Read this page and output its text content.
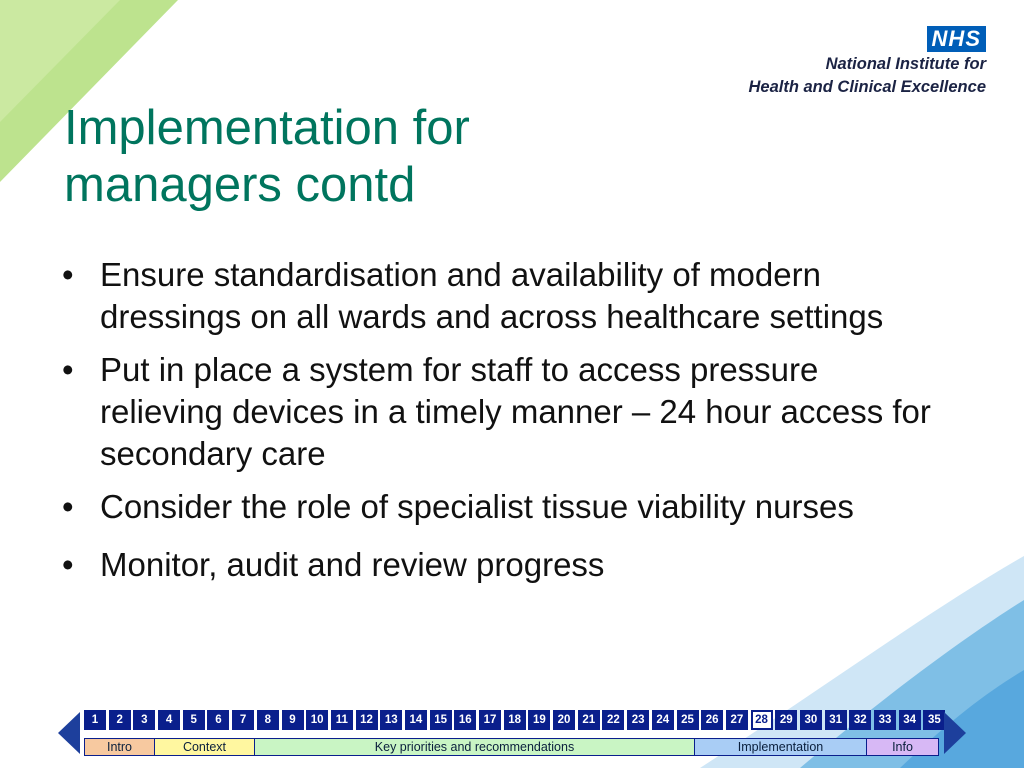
NHS
National Institute for
Health and Clinical Excellence
Implementation for
managers contd
• Ensure standardisation and availability of modern dressings on all wards and across healthcare settings
• Put in place a system for staff to access pressure relieving devices in a timely manner – 24 hour access for secondary care
• Consider the role of specialist tissue viability nurses
• Monitor, audit and review progress
1	2	3	4	5	6	7	8	9	10	11	12	13	14	15	16	17	18	19	20	21	22	23	24	25	26	27	28	29	30	31	32	33	34	35
Intro	Context	Key priorities and recommendations	Implementation	Info
